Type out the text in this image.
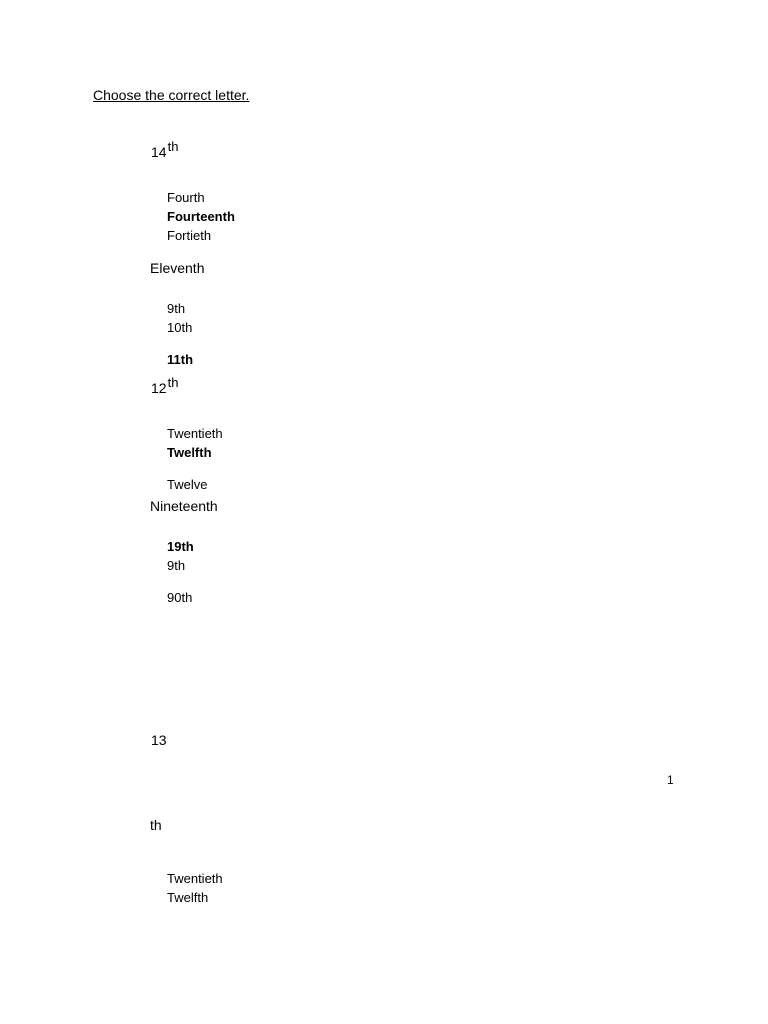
Choose the correct letter.
14th
Fourth
Fourteenth
Fortieth
Eleventh
9th
10th
11th
12th
Twentieth
Twelfth
Twelve
Nineteenth
19th
9th
90th
13
1
th
Twentieth
Twelfth
